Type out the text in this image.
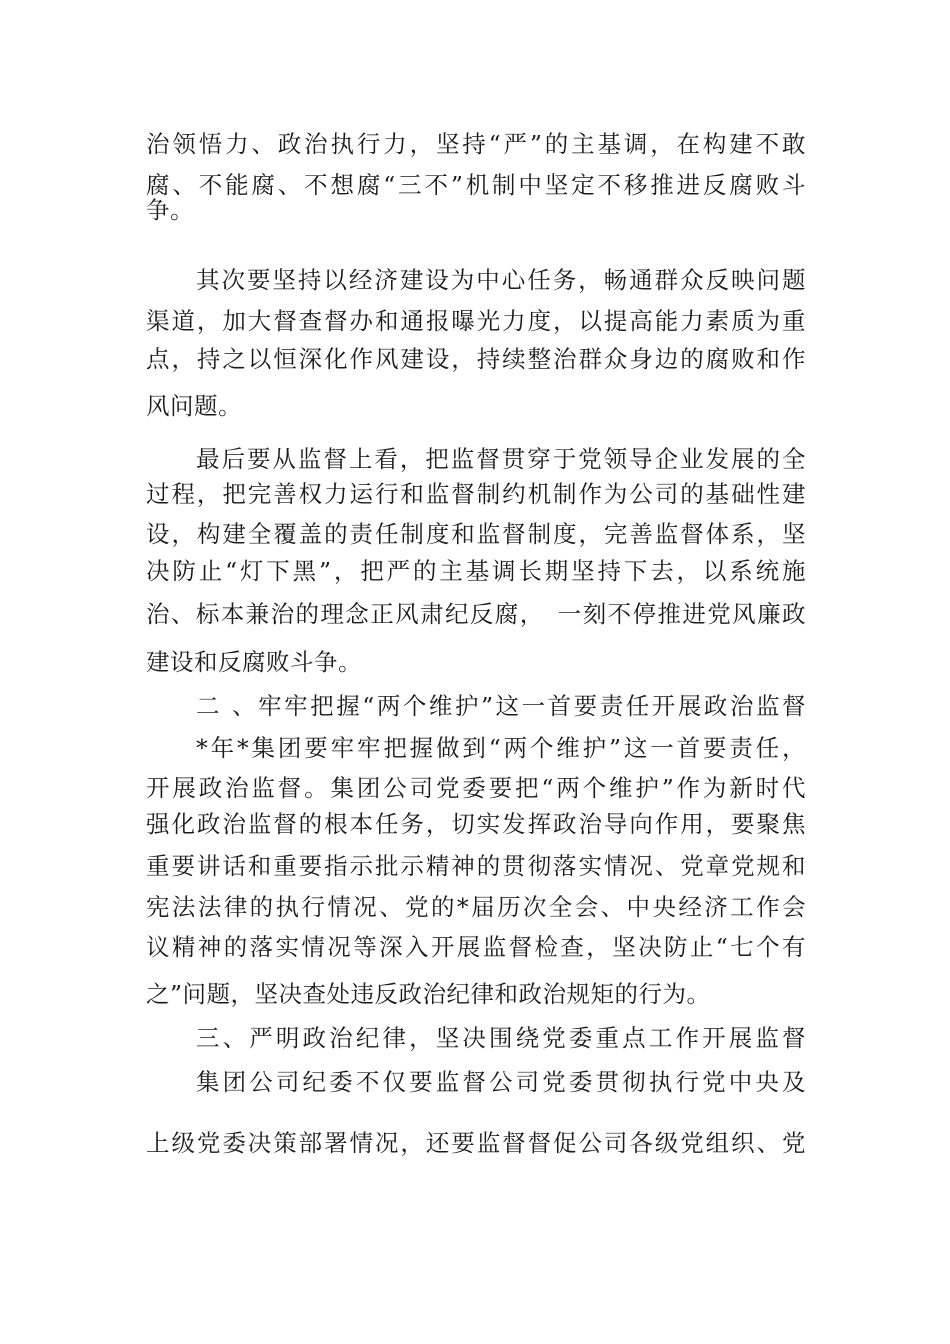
治领悟力、政治执行力，坚持“严”的主基调，在构建不敢
腐、不能腐、不想腐“三不”机制中坚定不移推进反腐败斗
争。
其次要坚持以经济建设为中心任务，畅通群众反映问题
渠道，加大督查督办和通报曝光力度，以提高能力素质为重
点，持之以恒深化作风建设，持续整治群众身边的腐败和作
风问题。
最后要从监督上看，把监督贯穿于党领导企业发展的全
过程，把完善权力运行和监督制约机制作为公司的基础性建
设，构建全覆盖的责任制度和监督制度，完善监督体系，坚
决防止“灯下黑”，把严的主基调长期坚持下去，以系统施
治、标本兼治的理念正风肃纪反腐，　一刻不停推进党风廉政
建设和反腐败斗争。
二 、牢牢把握“两个维护”这一首要责任开展政治监督
*年*集团要牢牢把握做到“两个维护”这一首要责任，
开展政治监督。集团公司党委要把“两个维护”作为新时代
强化政治监督的根本任务，切实发挥政治导向作用，要聚焦
重要讲话和重要指示批示精神的贯彻落实情况、党章党规和
宪法法律的执行情况、党的*届历次全会、中央经济工作会
议精神的落实情况等深入开展监督检查，坚决防止“七个有
之”问题，坚决查处违反政治纪律和政治规矩的行为。
三、严明政治纪律，坚决围绕党委重点工作开展监督
集团公司纪委不仅要监督公司党委贯彻执行党中央及
上级党委决策部署情况，还要监督督促公司各级党组织、党
